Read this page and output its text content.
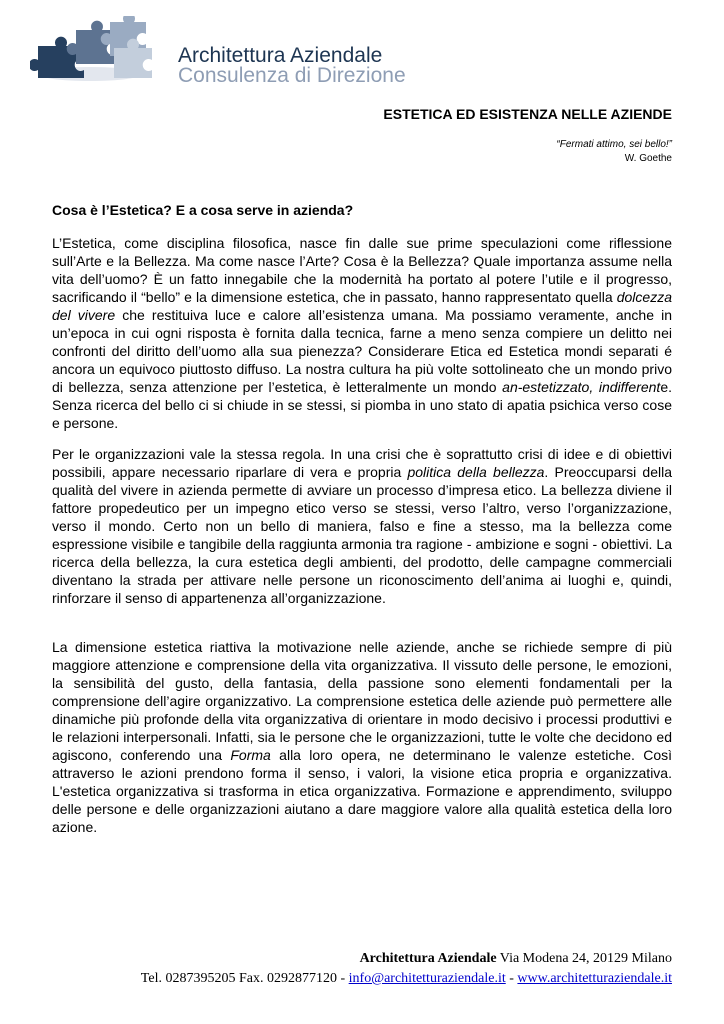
Architettura Aziendale
Consulenza di Direzione
ESTETICA ED ESISTENZA NELLE AZIENDE
“Fermati attimo, sei bello!”
W. Goethe
Cosa è l’Estetica? E a cosa serve in azienda?
L’Estetica, come disciplina filosofica, nasce fin dalle sue prime speculazioni come riflessione sull’Arte e la Bellezza. Ma come nasce l’Arte? Cosa è la Bellezza? Quale importanza assume nella vita dell’uomo? È un fatto innegabile che la modernità ha portato al potere l’utile e il progresso, sacrificando il “bello” e la dimensione estetica, che in passato, hanno rappresentato quella dolcezza del vivere che restituiva luce e calore all’esistenza umana. Ma possiamo veramente, anche in un’epoca in cui ogni risposta è fornita dalla tecnica, farne a meno senza compiere un delitto nei confronti del diritto dell’uomo alla sua pienezza? Considerare Etica ed Estetica mondi separati é ancora un equivoco piuttosto diffuso. La nostra cultura ha più volte sottolineato che un mondo privo di bellezza, senza attenzione per l’estetica, è letteralmente un mondo an-estetizzato, indifferente. Senza ricerca del bello ci si chiude in se stessi, si piomba in uno stato di apatia psichica verso cose e persone.
Per le organizzazioni vale la stessa regola. In una crisi che è soprattutto crisi di idee e di obiettivi possibili, appare necessario riparlare di vera e propria politica della bellezza. Preoccuparsi della qualità del vivere in azienda permette di avviare un processo d’impresa etico. La bellezza diviene il fattore propedeutico per un impegno etico verso se stessi, verso l’altro, verso l’organizzazione, verso il mondo. Certo non un bello di maniera, falso e fine a stesso, ma la bellezza come espressione visibile e tangibile della raggiunta armonia tra ragione - ambizione e sogni - obiettivi. La ricerca della bellezza, la cura estetica degli ambienti, del prodotto, delle campagne commerciali diventano la strada per attivare nelle persone un riconoscimento dell’anima ai luoghi e, quindi, rinforzare il senso di appartenenza all’organizzazione.
La dimensione estetica riattiva la motivazione nelle aziende, anche se richiede sempre di più maggiore attenzione e comprensione della vita organizzativa. Il vissuto delle persone, le emozioni, la sensibilità del gusto, della fantasia, della passione sono elementi fondamentali per la comprensione dell’agire organizzativo. La comprensione estetica delle aziende può permettere alle dinamiche più profonde della vita organizzativa di orientare in modo decisivo i processi produttivi e le relazioni interpersonali. Infatti, sia le persone che le organizzazioni, tutte le volte che decidono ed agiscono, conferendo una Forma alla loro opera, ne determinano le valenze estetiche. Così attraverso le azioni prendono forma il senso, i valori, la visione etica propria e organizzativa. L'estetica organizzativa si trasforma in etica organizzativa. Formazione e apprendimento, sviluppo delle persone e delle organizzazioni aiutano a dare maggiore valore alla qualità estetica della loro azione.
Architettura Aziendale Via Modena 24, 20129 Milano
Tel. 0287395205 Fax. 0292877120 - info@architetturaziendale.it - www.architetturaziendale.it
